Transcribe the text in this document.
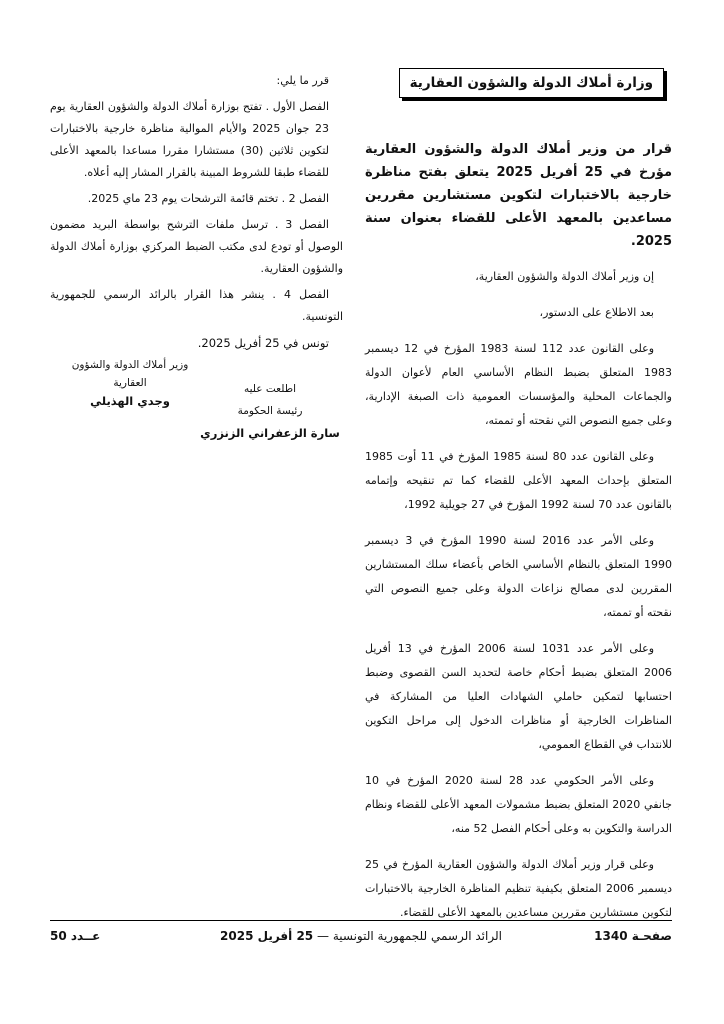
وزارة أملاك الدولة والشؤون العقارية

قرار من وزير أملاك الدولة والشؤون العقارية مؤرخ في 25 أفريل 2025 يتعلق بفتح مناظرة خارجية بالاختبارات لتكوين مستشارين مقررين مساعدين بالمعهد الأعلى للقضاء بعنوان سنة 2025.

إن وزير أملاك الدولة والشؤون العقارية،

بعد الاطلاع على الدستور،

وعلى القانون عدد 112 لسنة 1983 المؤرخ في 12 ديسمبر 1983 المتعلق بضبط النظام الأساسي العام لأعوان الدولة والجماعات المحلية والمؤسسات العمومية ذات الصبغة الإدارية، وعلى جميع النصوص التي نقحته أو تممته،

وعلى القانون عدد 80 لسنة 1985 المؤرخ في 11 أوت 1985 المتعلق بإحداث المعهد الأعلى للقضاء كما تم تنقيحه وإتمامه بالقانون عدد 70 لسنة 1992 المؤرخ في 27 جويلية 1992،

وعلى الأمر عدد 2016 لسنة 1990 المؤرخ في 3 ديسمبر 1990 المتعلق بالنظام الأساسي الخاص بأعضاء سلك المستشارين المقررين لدى مصالح نزاعات الدولة وعلى جميع النصوص التي نقحته أو تممته،

وعلى الأمر عدد 1031 لسنة 2006 المؤرخ في 13 أفريل 2006 المتعلق بضبط أحكام خاصة لتحديد السن القصوى وضبط احتسابها لتمكين حاملي الشهادات العليا من المشاركة في المناظرات الخارجية أو مناظرات الدخول إلى مراحل التكوين للانتداب في القطاع العمومي،

وعلى الأمر الحكومي عدد 28 لسنة 2020 المؤرخ في 10 جانفي 2020 المتعلق بضبط مشمولات المعهد الأعلى للقضاء ونظام الدراسة والتكوين به وعلى أحكام الفصل 52 منه،

وعلى قرار وزير أملاك الدولة والشؤون العقارية المؤرخ في 25 ديسمبر 2006 المتعلق بكيفية تنظيم المناظرة الخارجية بالاختبارات لتكوين مستشارين مقررين مساعدين بالمعهد الأعلى للقضاء.

قرر ما يلي:

الفصل الأول . تفتح بوزارة أملاك الدولة والشؤون العقارية يوم 23 جوان 2025 والأيام الموالية مناظرة خارجية بالاختبارات لتكوين ثلاثين (30) مستشارا مقررا مساعدا بالمعهد الأعلى للقضاء طبقا للشروط المبينة بالقرار المشار إليه أعلاه.

الفصل 2 . تختم قائمة الترشحات يوم 23 ماي 2025.

الفصل 3 . ترسل ملفات الترشح بواسطة البريد مضمون الوصول أو تودع لدى مكتب الضبط المركزي بوزارة أملاك الدولة والشؤون العقارية.

الفصل 4 . ينشر هذا القرار بالرائد الرسمي للجمهورية التونسية.

تونس في 25 أفريل 2025.
وزير أملاك الدولة والشؤون
العقارية
وجدي الهذيلي
اطلعت عليه
رئيسة الحكومة
سارة الزعفراني الزنزري
صفحـة 1340
الرائد الرسمي للجمهورية التونسية — 25 أفريل 2025
عــدد 50
